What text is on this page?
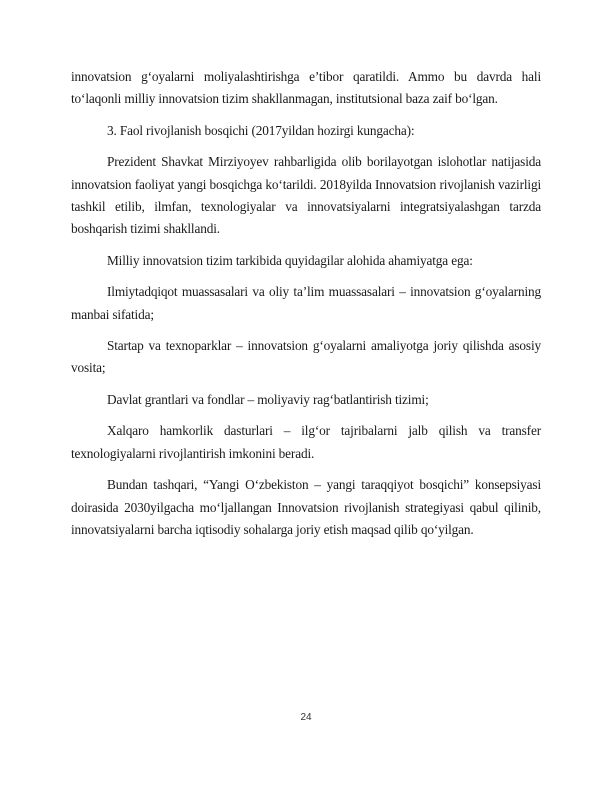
innovatsion g‘oyalarni moliyalashtirishga e’tibor qaratildi. Ammo bu davrda hali to‘laqonli milliy innovatsion tizim shakllanmagan, institutsional baza zaif bo‘lgan.

3. Faol rivojlanish bosqichi (2017yildan hozirgi kungacha):

Prezident Shavkat Mirziyoyev rahbarligida olib borilayotgan islohotlar natijasida innovatsion faoliyat yangi bosqichga ko‘tarildi. 2018yilda Innovatsion rivojlanish vazirligi tashkil etilib, ilmfan, texnologiyalar va innovatsiyalarni integratsiyalashgan tarzda boshqarish tizimi shakllandi.

Milliy innovatsion tizim tarkibida quyidagilar alohida ahamiyatga ega:

Ilmiytadqiqot muassasalari va oliy ta’lim muassasalari – innovatsion g‘oyalarning manbai sifatida;

Startap va texnoparklar – innovatsion g‘oyalarni amaliyotga joriy qilishda asosiy vosita;

Davlat grantlari va fondlar – moliyaviy rag‘batlantirish tizimi;

Xalqaro hamkorlik dasturlari – ilg‘or tajribalarni jalb qilish va transfer texnologiyalarni rivojlantirish imkonini beradi.

Bundan tashqari, “Yangi O‘zbekiston – yangi taraqqiyot bosqichi” konsepsiyasi doirasida 2030yilgacha mo‘ljallangan Innovatsion rivojlanish strategiyasi qabul qilinib, innovatsiyalarni barcha iqtisodiy sohalarga joriy etish maqsad qilib qo‘yilgan.

24
